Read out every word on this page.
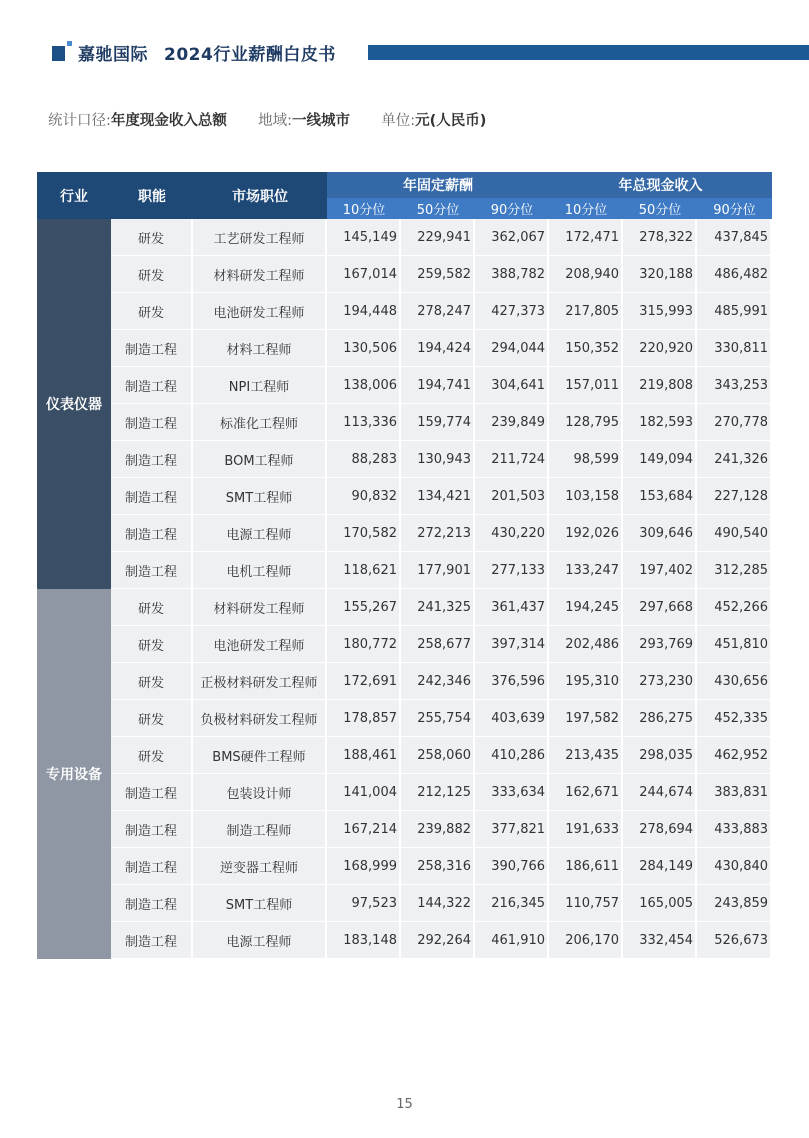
嘉驰国际 2024行业薪酬白皮书
统计口径:年度现金收入总额 地域:一线城市 单位:元(人民币)
行业	职能	市场职位	年固定薪酬			年总现金收入		
			10分位	50分位	90分位	10分位	50分位	90分位
仪表仪器	研发	工艺研发工程师	145,149	229,941	362,067	172,471	278,322	437,845
	研发	材料研发工程师	167,014	259,582	388,782	208,940	320,188	486,482
	研发	电池研发工程师	194,448	278,247	427,373	217,805	315,993	485,991
	制造工程	材料工程师	130,506	194,424	294,044	150,352	220,920	330,811
	制造工程	NPI工程师	138,006	194,741	304,641	157,011	219,808	343,253
	制造工程	标准化工程师	113,336	159,774	239,849	128,795	182,593	270,778
	制造工程	BOM工程师	88,283	130,943	211,724	98,599	149,094	241,326
	制造工程	SMT工程师	90,832	134,421	201,503	103,158	153,684	227,128
	制造工程	电源工程师	170,582	272,213	430,220	192,026	309,646	490,540
	制造工程	电机工程师	118,621	177,901	277,133	133,247	197,402	312,285
专用设备	研发	材料研发工程师	155,267	241,325	361,437	194,245	297,668	452,266
	研发	电池研发工程师	180,772	258,677	397,314	202,486	293,769	451,810
	研发	正极材料研发工程师	172,691	242,346	376,596	195,310	273,230	430,656
	研发	负极材料研发工程师	178,857	255,754	403,639	197,582	286,275	452,335
	研发	BMS硬件工程师	188,461	258,060	410,286	213,435	298,035	462,952
	制造工程	包装设计师	141,004	212,125	333,634	162,671	244,674	383,831
	制造工程	制造工程师	167,214	239,882	377,821	191,633	278,694	433,883
	制造工程	逆变器工程师	168,999	258,316	390,766	186,611	284,149	430,840
	制造工程	SMT工程师	97,523	144,322	216,345	110,757	165,005	243,859
	制造工程	电源工程师	183,148	292,264	461,910	206,170	332,454	526,673
15
